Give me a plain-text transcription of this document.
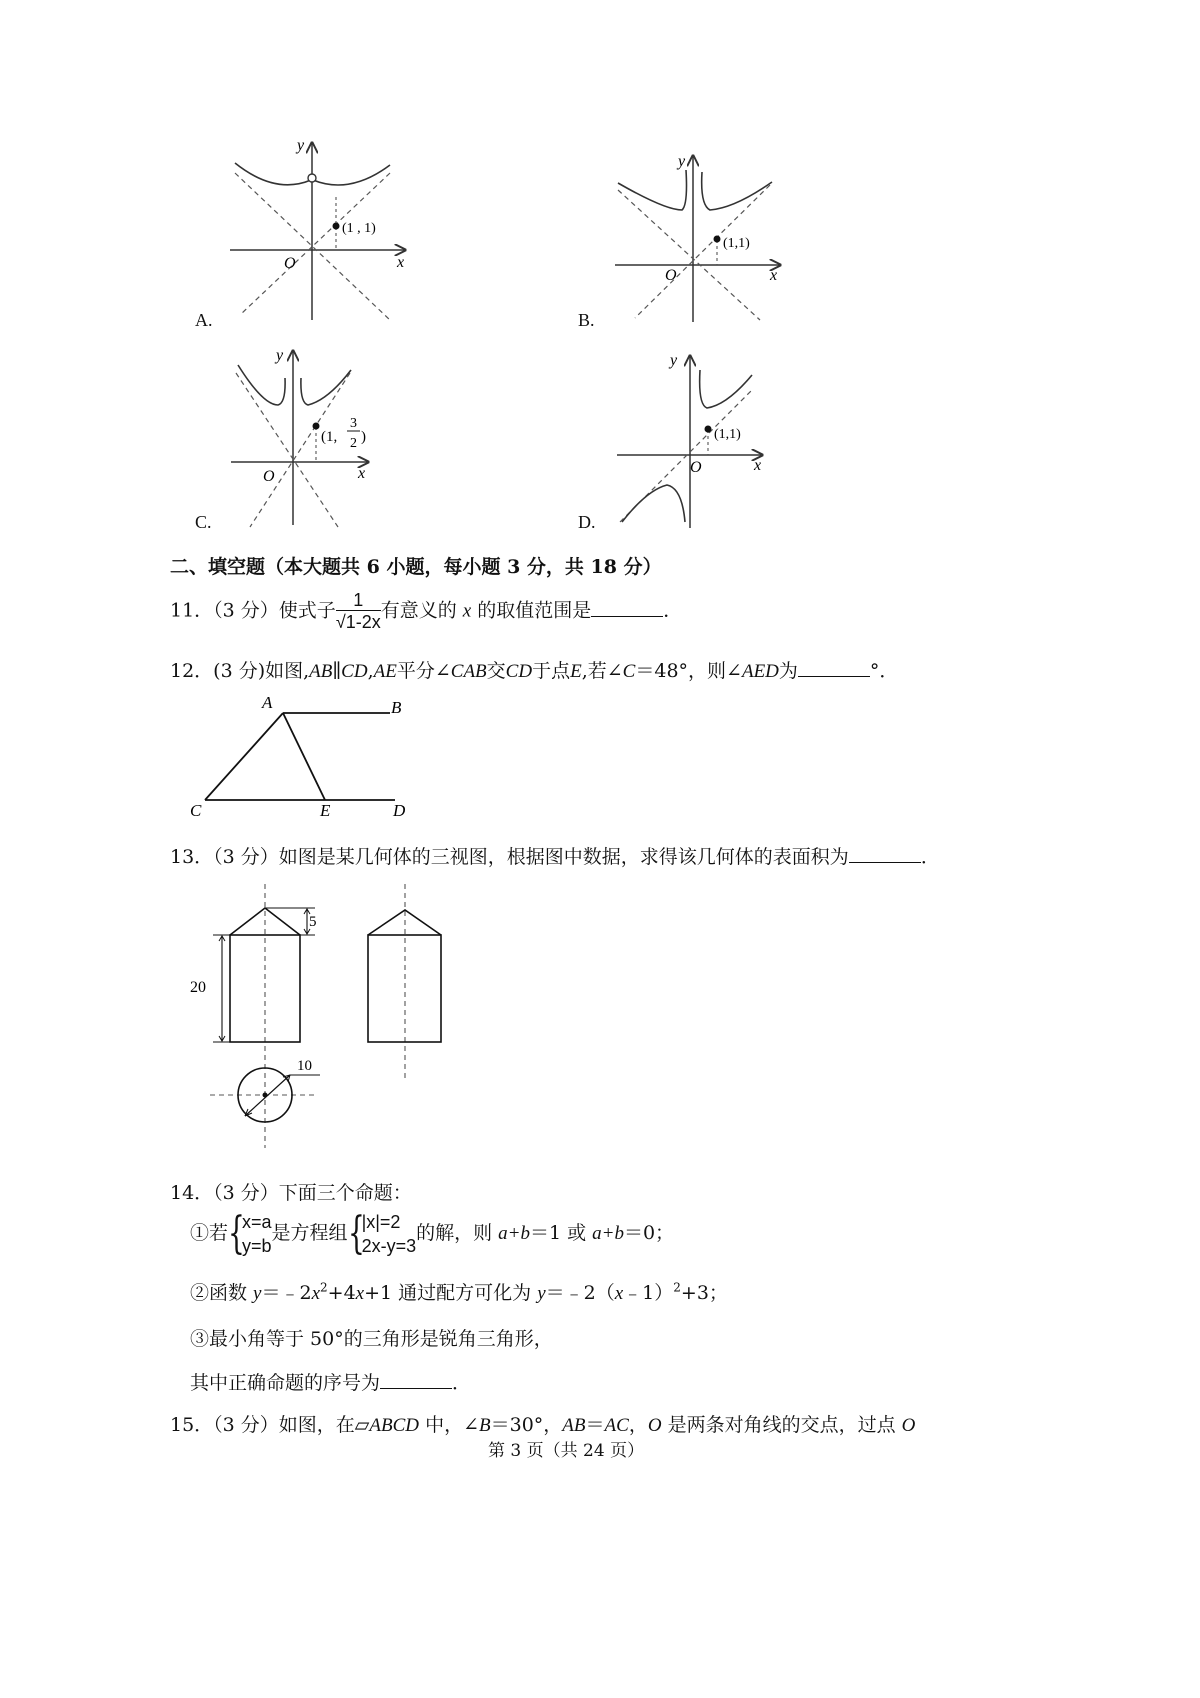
(1 , 1)
y
x
O
A.
(1,1)
y
x
O
B.
(1,
3
2 )
y
x
O
C.
(1,1)
y
x
O
D.
二、填空题（本大题共 6 小题，每小题 3 分，共 18 分）
11．（3 分）使式子 $\frac{1}{√1-2x}$ 有意义的 x 的取值范围是	．
12．(3 分)如图,AB∥CD,AE平分∠CAB交CD于点E,若∠C＝48°，则∠AED为	°．
A	B
C	E	D
13．（3 分）如图是某几何体的三视图，根据图中数据，求得该几何体的表面积为	．
5
20
10
14．（3 分）下面三个命题：
①若 {
x=a
y=b
是方程组 {
|x|=2
2x-y=3
的解，则 a+b＝1 或 a+b＝0；
②函数 $y=﹣2x^2+4x+1$ 通过配方可化为 y＝﹣2（x﹣1）$^2$+3；
③最小角等于 50°的三角形是锐角三角形，
其中正确命题的序号为	．
15．（3 分）如图，在▱ABCD 中，∠B＝30°，AB＝AC，O 是两条对角线的交点，过点 O
第 3 页（共 24 页）
